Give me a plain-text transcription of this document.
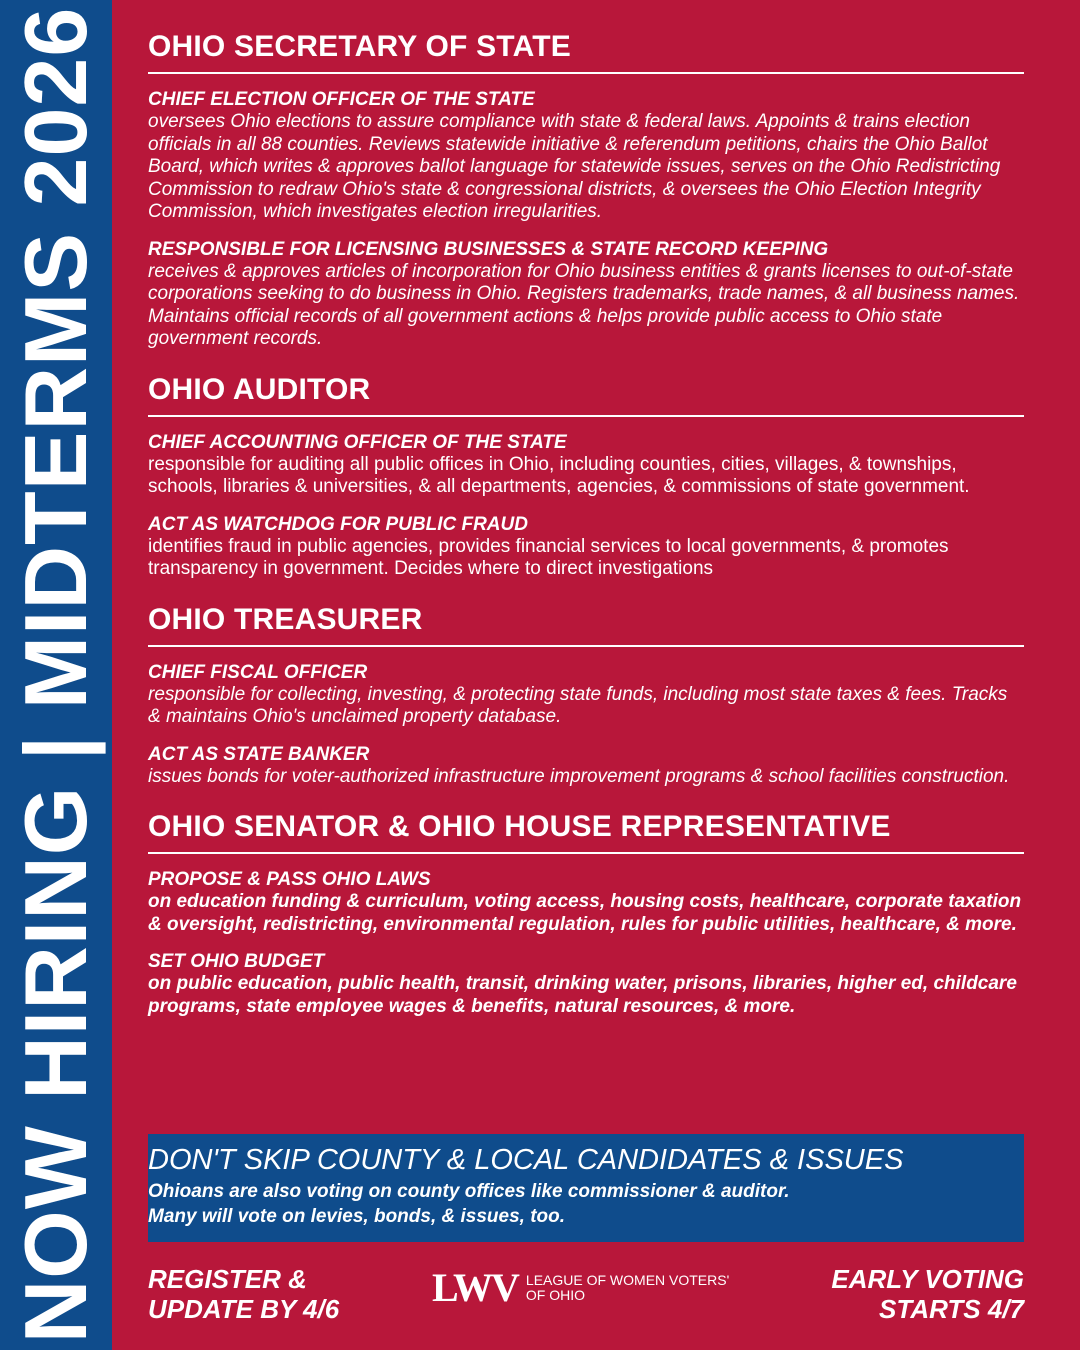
NOW HIRING | MIDTERMS 2026 OHIO SECRETARY OF STATE
CHIEF ELECTION OFFICER OF THE STATE
oversees Ohio elections to assure compliance with state & federal laws. Appoints & trains election officials in all 88 counties. Reviews statewide initiative & referendum petitions, chairs the Ohio Ballot Board, which writes & approves ballot language for statewide issues, serves on the Ohio Redistricting Commission to redraw Ohio's state & congressional districts, & oversees the Ohio Election Integrity Commission, which investigates election irregularities.
RESPONSIBLE FOR LICENSING BUSINESSES & STATE RECORD KEEPING
receives & approves articles of incorporation for Ohio business entities & grants licenses to out-of-state corporations seeking to do business in Ohio. Registers trademarks, trade names, & all business names. Maintains official records of all government actions & helps provide public access to Ohio state government records.
OHIO AUDITOR
CHIEF ACCOUNTING OFFICER OF THE STATE
responsible for auditing all public offices in Ohio, including counties, cities, villages, & townships, schools, libraries & universities, & all departments, agencies, & commissions of state government.
ACT AS WATCHDOG FOR PUBLIC FRAUD
identifies fraud in public agencies, provides financial services to local governments, & promotes transparency in government. Decides where to direct investigations
OHIO TREASURER
CHIEF FISCAL OFFICER
responsible for collecting, investing, & protecting state funds, including most state taxes & fees. Tracks & maintains Ohio's unclaimed property database.
ACT AS STATE BANKER
issues bonds for voter-authorized infrastructure improvement programs & school facilities construction.
OHIO SENATOR & OHIO HOUSE REPRESENTATIVE
PROPOSE & PASS OHIO LAWS
on education funding & curriculum, voting access, housing costs, healthcare, corporate taxation & oversight, redistricting, environmental regulation, rules for public utilities, healthcare, & more.
SET OHIO BUDGET
on public education, public health, transit, drinking water, prisons, libraries, higher ed, childcare programs, state employee wages & benefits, natural resources, & more.
DON'T SKIP COUNTY & LOCAL CANDIDATES & ISSUES
Ohioans are also voting on county offices like commissioner & auditor.
Many will vote on levies, bonds, & issues, too.
REGISTER &
UPDATE BY 4/6 LWV LEAGUE OF WOMEN VOTERS'
OF OHIO
EARLY VOTING
STARTS 4/7
